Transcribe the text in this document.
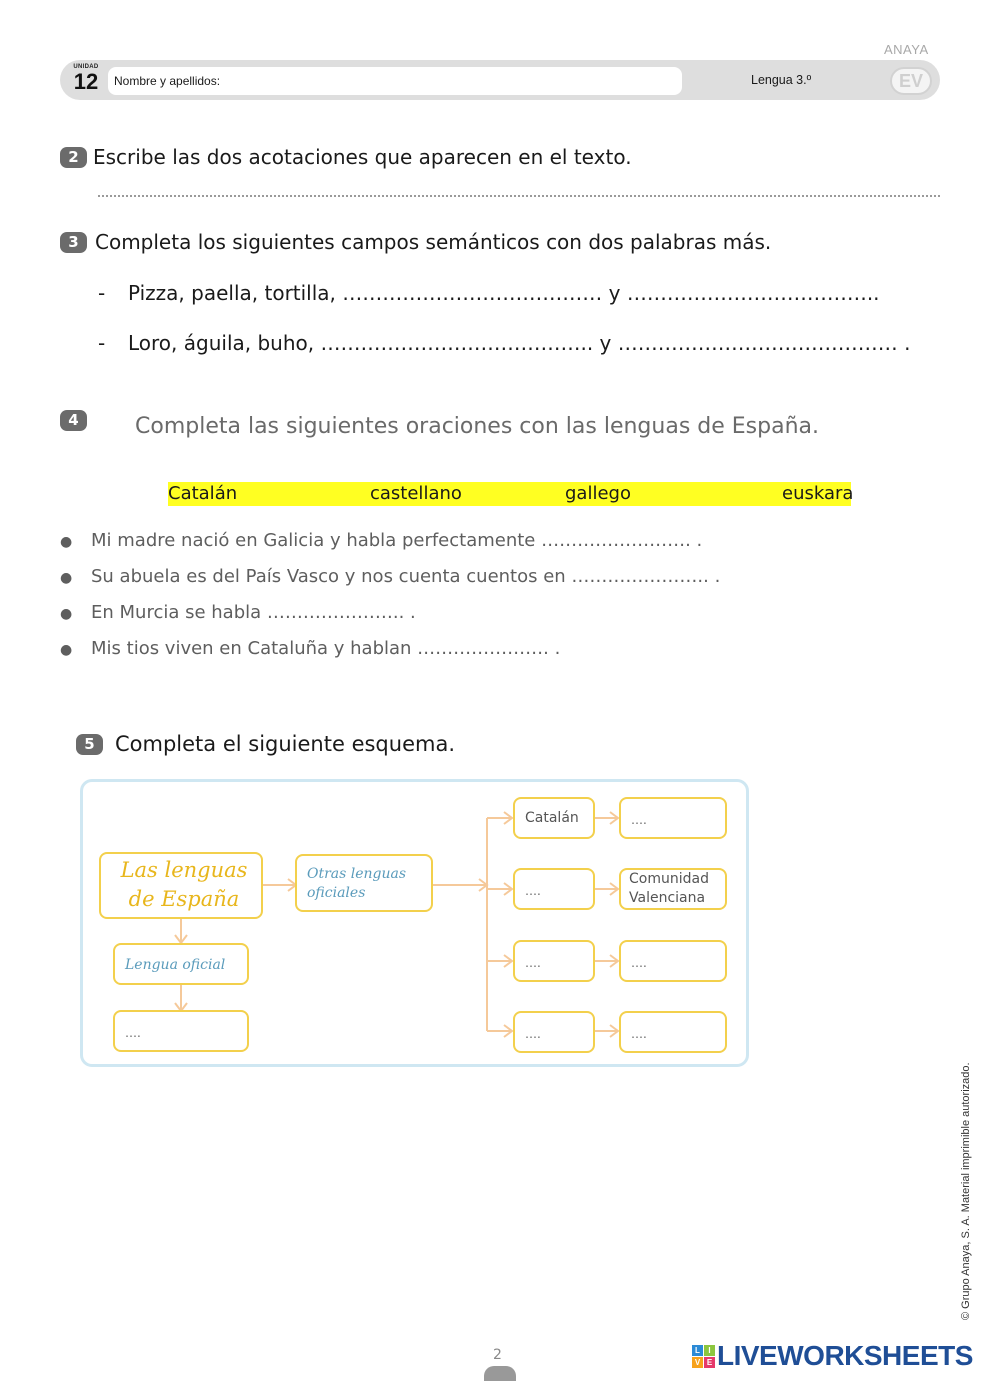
ANAYA
UNIDAD
12	Nombre y apellidos:	Lengua 3.º	EV
2 Escribe las dos acotaciones que aparecen en el texto.
3 Completa los siguientes campos semánticos con dos palabras más.
- Pizza, paella, tortilla, ………………………………… y ………………………………..
- Loro, águila, buho, ………………………………….. y …………………………………… .
4	Completa las siguientes oraciones con las lenguas de España.
Catalán	castellano	gallego	euskara
● Mi madre nació en Galicia y habla perfectamente ……………………. .
● Su abuela es del País Vasco y nos cuenta cuentos en ………………….. .
● En Murcia se habla ………………….. .
● Mis tios viven en Cataluña y hablan …………………. .
5 Completa el siguiente esquema.
Las lenguas de España
Otras lenguas oficiales
Lengua oficial
….
Catalán	….
….
Comunidad Valenciana
….	….
….	….
© Grupo Anaya, S. A. Material imprimible autorizado.
2	L	I
V E LIVEWORKSHEETS
